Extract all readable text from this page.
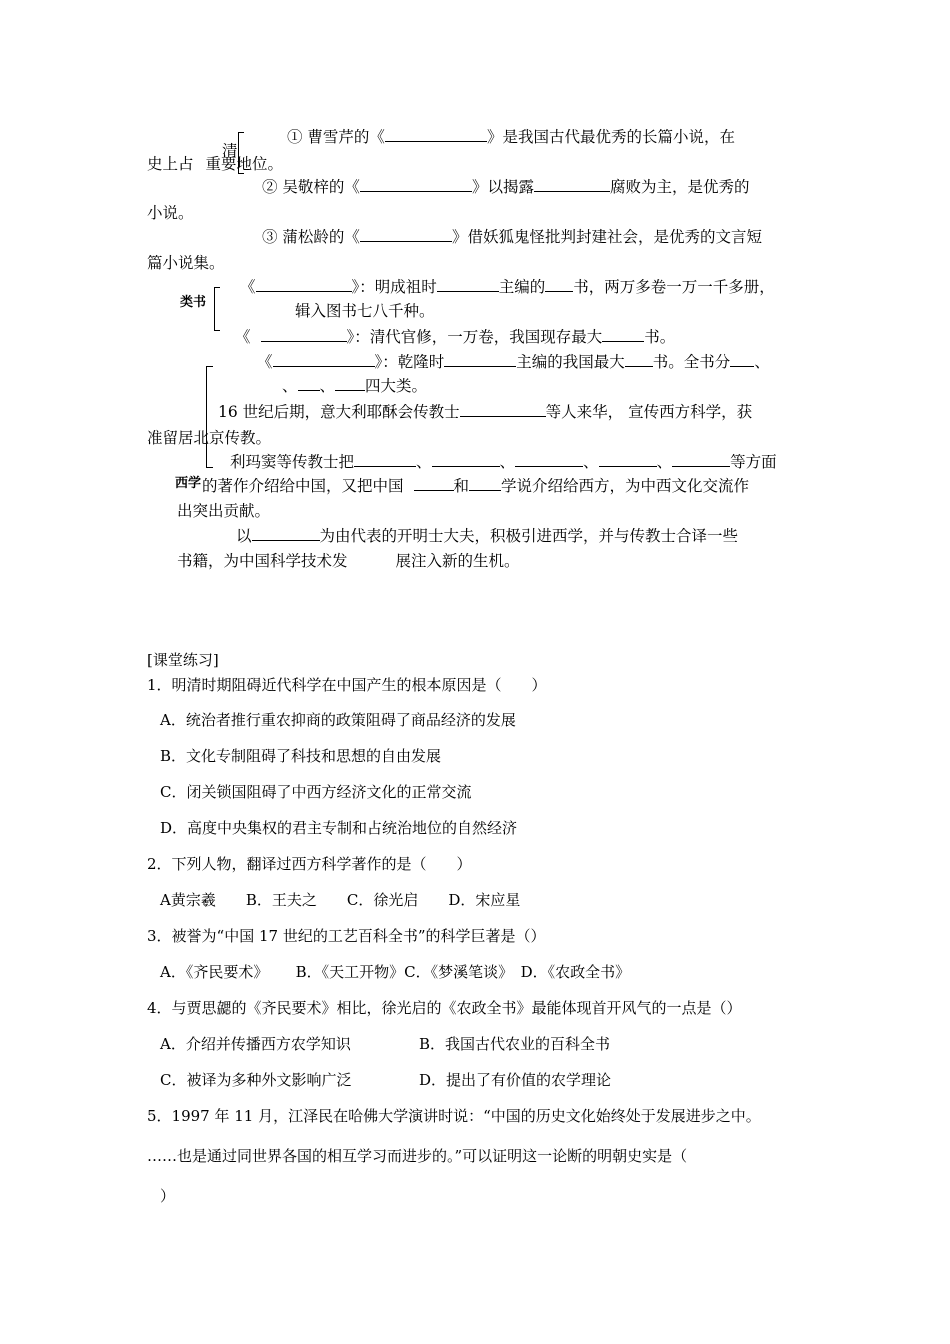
清
① 曹雪芹的《	》是我国古代最优秀的长篇小说，在
史上占 重要地位。
② 吴敬梓的《	》以揭露	腐败为主，是优秀的
小说。
③ 蒲松龄的《	》借妖狐鬼怪批判封建社会，是优秀的文言短
篇小说集。
类书
《	》：明成祖时	主编的 书，两万多卷一万一千多册，
辑入图书七八千种。
《	》：清代官修，一万卷，我国现存最大	书。
《	》：乾隆时	主编的我国最大 书。全书分 、
、 、 四大类。
西学
16 世纪后期，意大利耶酥会传教士	等人来华， 宣传西方科学，获
准留居北京传教。
利玛窦等传教士把	、	、	、	、	等方面
的著作介绍给中国，又把中国	和 学说介绍给西方，为中西文化交流作
出突出贡献。
以	为由代表的开明士大夫，积极引进西学，并与传教士合译一些
书籍，为中国科学技术发	展注入新的生机。
[课堂练习]
1．明清时期阻碍近代科学在中国产生的根本原因是（　　）
A．统治者推行重农抑商的政策阻碍了商品经济的发展
B．文化专制阻碍了科技和思想的自由发展
C．闭关锁国阻碍了中西方经济文化的正常交流
D．高度中央集权的君主专制和占统治地位的自然经济
2．下列人物，翻译过西方科学著作的是（　　）
A黄宗羲　　B．王夫之　　C．徐光启　　D．宋应星
3．被誉为“中国 17 世纪的工艺百科全书”的科学巨著是（）
A．《齐民要术》　　 B．《天工开物》C．《梦溪笔谈》　D．《农政全书》
4．与贾思勰的《齐民要术》相比，徐光启的《农政全书》最能体现首开风气的一点是（）
A．介绍并传播西方农学知识	B．我国古代农业的百科全书
C．被译为多种外文影响广泛	D．提出了有价值的农学理论
5．1997 年 11 月，江泽民在哈佛大学演讲时说：“中国的历史文化始终处于发展进步之中。
……也是通过同世界各国的相互学习而进步的。”可以证明这一论断的明朝史实是（
）
